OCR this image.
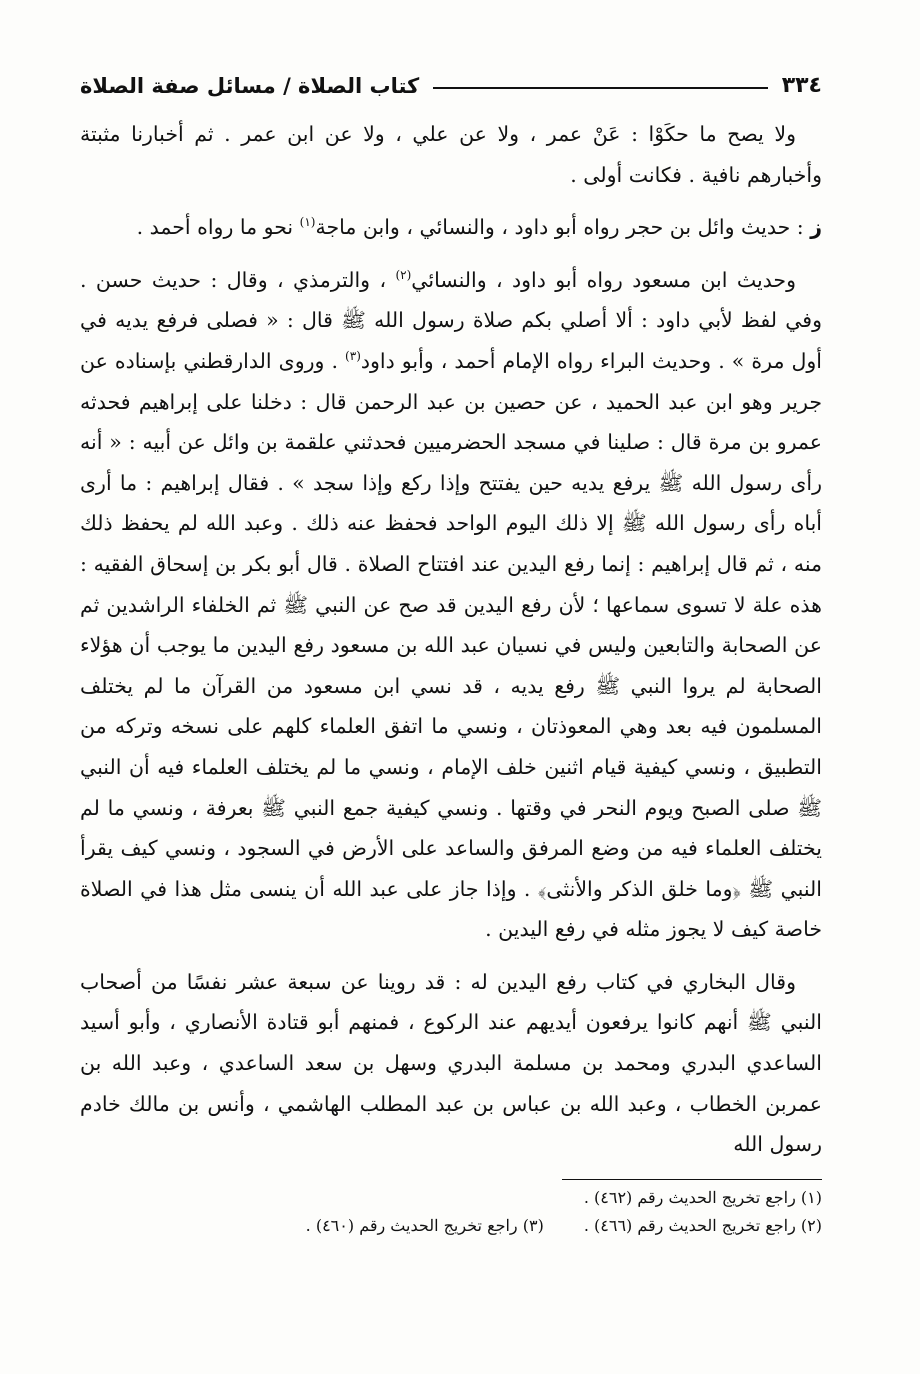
٣٣٤
كتاب الصلاة / مسائل صفة الصلاة

ولا يصح ما حكَوْا : عَنْ عمر ، ولا عن علي ، ولا عن ابن عمر . ثم أخبارنا مثبتة وأخبارهم نافية . فكانت أولى .

ز : حديث وائل بن حجر رواه أبو داود ، والنسائي ، وابن ماجة$^{(١)}$ نحو ما رواه أحمد .

وحديث ابن مسعود رواه أبو داود ، والنسائي$^{(٢)}$ ، والترمذي ، وقال : حديث حسن . وفي لفظ لأبي داود : ألا أصلي بكم صلاة رسول الله ﷺ قال : « فصلى فرفع يديه في أول مرة » . وحديث البراء رواه الإمام أحمد ، وأبو داود$^{(٣)}$ . وروى الدارقطني بإسناده عن جرير وهو ابن عبد الحميد ، عن حصين بن عبد الرحمن قال : دخلنا على إبراهيم فحدثه عمرو بن مرة قال : صلينا في مسجد الحضرميين فحدثني علقمة بن وائل عن أبيه : « أنه رأى رسول الله ﷺ يرفع يديه حين يفتتح وإذا ركع وإذا سجد » . فقال إبراهيم : ما أرى أباه رأى رسول الله ﷺ إلا ذلك اليوم الواحد فحفظ عنه ذلك . وعبد الله لم يحفظ ذلك منه ، ثم قال إبراهيم : إنما رفع اليدين عند افتتاح الصلاة . قال أبو بكر بن إسحاق الفقيه : هذه علة لا تسوى سماعها ؛ لأن رفع اليدين قد صح عن النبي ﷺ ثم الخلفاء الراشدين ثم عن الصحابة والتابعين وليس في نسيان عبد الله بن مسعود رفع اليدين ما يوجب أن هؤلاء الصحابة لم يروا النبي ﷺ رفع يديه ، قد نسي ابن مسعود من القرآن ما لم يختلف المسلمون فيه بعد وهي المعوذتان ، ونسي ما اتفق العلماء كلهم على نسخه وتركه من التطبيق ، ونسي كيفية قيام اثنين خلف الإمام ، ونسي ما لم يختلف العلماء فيه أن النبي ﷺ صلى الصبح ويوم النحر في وقتها . ونسي كيفية جمع النبي ﷺ بعرفة ، ونسي ما لم يختلف العلماء فيه من وضع المرفق والساعد على الأرض في السجود ، ونسي كيف يقرأ النبي ﷺ ﴿وما خلق الذكر والأنثى﴾ . وإذا جاز على عبد الله أن ينسى مثل هذا في الصلاة خاصة كيف لا يجوز مثله في رفع اليدين .

وقال البخاري في كتاب رفع اليدين له : قد روينا عن سبعة عشر نفسًا من أصحاب النبي ﷺ أنهم كانوا يرفعون أيديهم عند الركوع ، فمنهم أبو قتادة الأنصاري ، وأبو أسيد الساعدي البدري ومحمد بن مسلمة البدري وسهل بن سعد الساعدي ، وعبد الله بن عمربن الخطاب ، وعبد الله بن عباس بن عبد المطلب الهاشمي ، وأنس بن مالك خادم رسول الله

(١) راجع تخريج الحديث رقم (٤٦٢) .
(٢) راجع تخريج الحديث رقم (٤٦٦) .
(٣) راجع تخريج الحديث رقم (٤٦٠) .
